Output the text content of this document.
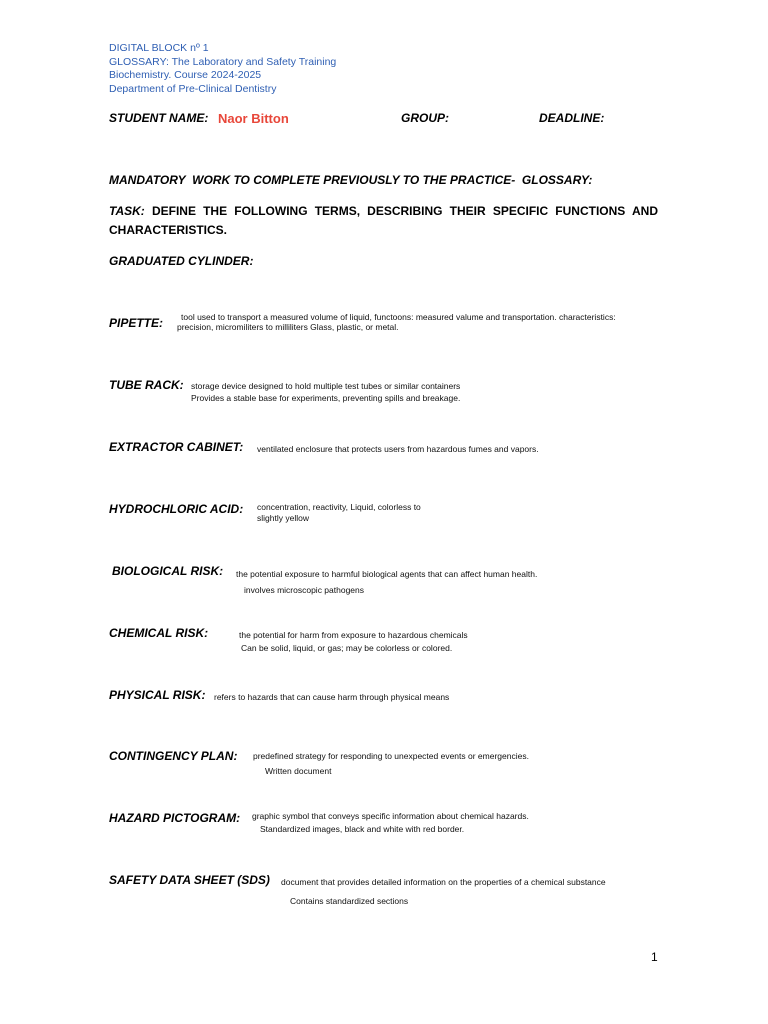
DIGITAL BLOCK nº 1
GLOSSARY: The Laboratory and Safety Training
Biochemistry. Course 2024-2025
Department of Pre-Clinical Dentistry
STUDENT NAME: Naor Bitton	GROUP:	DEADLINE:
MANDATORY  WORK TO COMPLETE PREVIOUSLY TO THE PRACTICE-  GLOSSARY:
TASK: DEFINE THE FOLLOWING TERMS, DESCRIBING THEIR SPECIFIC FUNCTIONS AND CHARACTERISTICS.
GRADUATED CYLINDER:
PIPETTE: tool used to transport a measured volume of liquid, functoons: measured valume and transportation. characteristics:
precision, micromiliters to milliliters Glass, plastic, or metal.
TUBE RACK: storage device designed to hold multiple test tubes or similar containers
Provides a stable base for experiments, preventing spills and breakage.
EXTRACTOR CABINET: ventilated enclosure that protects users from hazardous fumes and vapors.
HYDROCHLORIC ACID: concentration, reactivity, Liquid, colorless to
slightly yellow
BIOLOGICAL RISK: the potential exposure to harmful biological agents that can affect human health.
involves microscopic pathogens
CHEMICAL RISK:	the potential for harm from exposure to hazardous chemicals
Can be solid, liquid, or gas; may be colorless or colored.
PHYSICAL RISK: refers to hazards that can cause harm through physical means
CONTINGENCY PLAN: predefined strategy for responding to unexpected events or emergencies.
Written document
HAZARD PICTOGRAM: graphic symbol that conveys specific information about chemical hazards.
Standardized images, black and white with red border.
SAFETY DATA SHEET (SDS) document that provides detailed information on the properties of a chemical substance
Contains standardized sections
1
